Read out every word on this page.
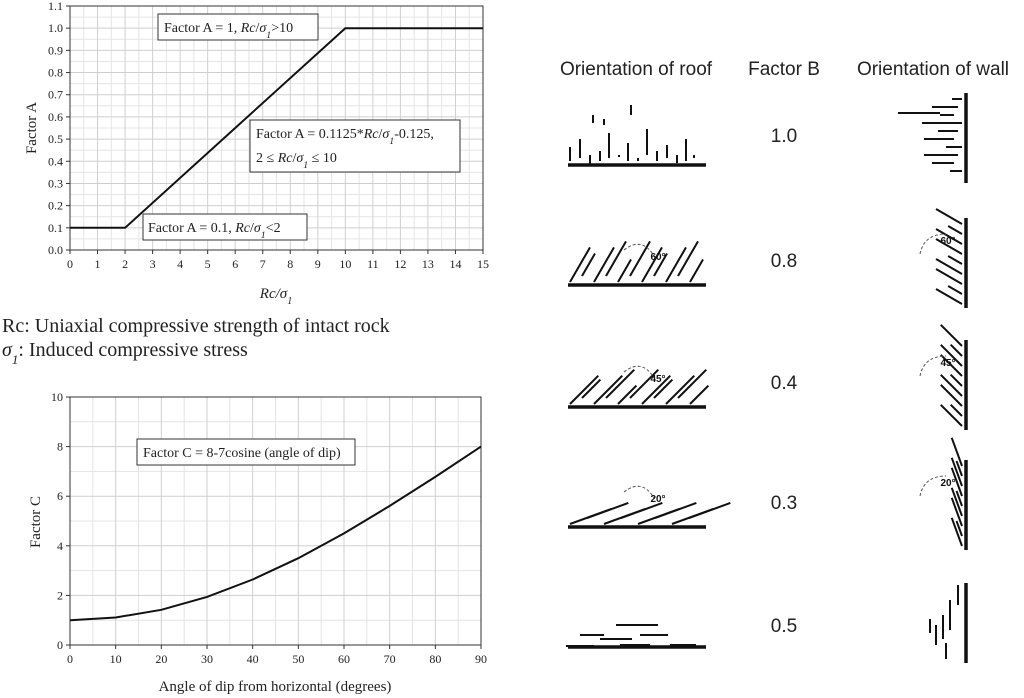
0 1 2 3 4 5 6 7 8 9 10 11 12 13 14 15
0.0
0.1
0.2
0.3
0.4
0.5
0.6
0.7
0.8
0.9
1.0
1.1
Factor A
$Rc/\sigma_1$
Factor A = 1, $Rc/\sigma_1>10$
Factor $A = 0.1125*Rc/\sigma_1-0.125$,
$2 \le Rc/\sigma_1 \le 10$
Factor A = 0.1, $Rc/\sigma_1<2$
Rc: Uniaxial compressive strength of intact rock
$\sigma_1$: Induced compressive stress
0	10	20	30	40	50	60	70	80	90
0
2
4
6
8
10
Factor C
Angle of dip from horizontal (degrees)
Factor C = 8-7cosine (angle of dip)
Orientation of roof Factor B Orientation of wall
1.0
0.8
60°
60°
0.4
45°
45°
0.3
20°
20°
0.5
